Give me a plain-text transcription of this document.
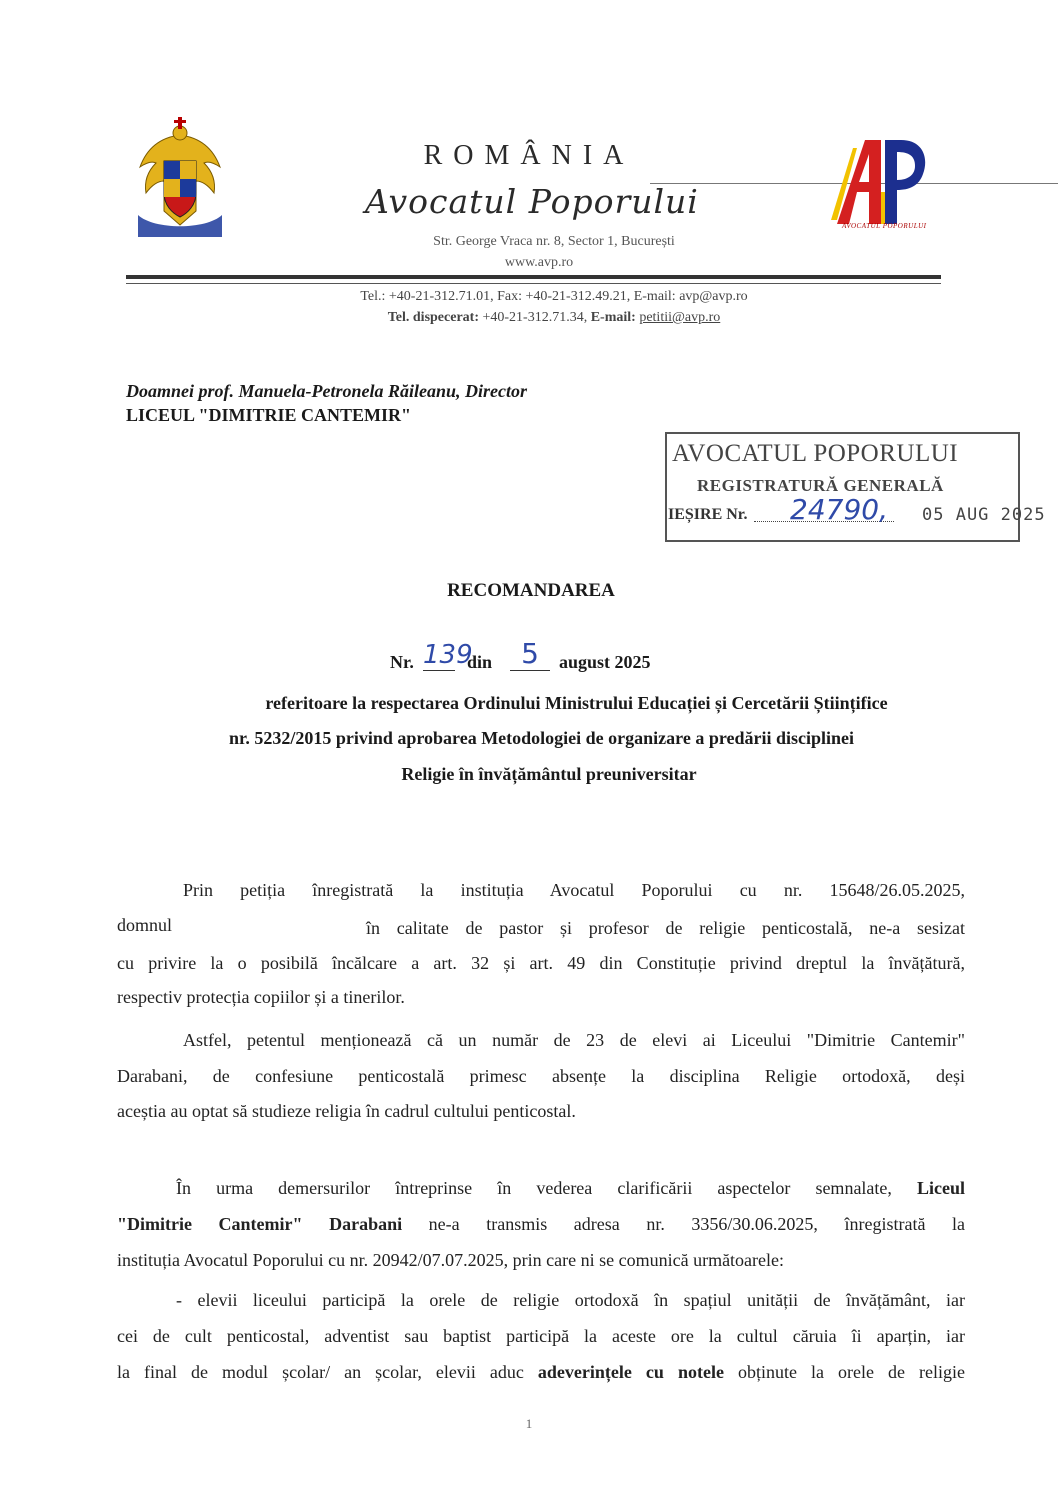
ROMÂNIA
Avocatul Poporului
Str. George Vraca nr. 8, Sector 1, București
www.avp.ro
Tel.: +40-21-312.71.01, Fax: +40-21-312.49.21, E-mail: avp@avp.ro
Tel. dispecerat: +40-21-312.71.34, E-mail: petitii@avp.ro
AVOCATUL POPORULUI
Doamnei prof. Manuela-Petronela Răileanu, Director
LICEUL "DIMITRIE CANTEMIR"
AVOCATUL POPORULUI
REGISTRATURĂ GENERALĂ
IEȘIRE Nr. 24790, 05 AUG 2025
RECOMANDAREA
Nr. 139
din	5	august 2025
referitoare la respectarea Ordinului Ministrului Educației și Cercetării Științifice
nr. 5232/2015 privind aprobarea Metodologiei de organizare a predării disciplinei
Religie în învățământul preuniversitar
Prin petiția înregistrată la instituția Avocatul Poporului cu nr. 15648/26.05.2025,
domnul	în calitate de pastor și profesor de religie penticostală, ne-a sesizat
cu privire la o posibilă încălcare a art. 32 și art. 49 din Constituție privind dreptul la învățătură,
respectiv protecția copiilor și a tinerilor.
Astfel, petentul menționează că un număr de 23 de elevi ai Liceului "Dimitrie Cantemir"
Darabani, de confesiune penticostală primesc absențe la disciplina Religie ortodoxă, deși
aceștia au optat să studieze religia în cadrul cultului penticostal.
În urma demersurilor întreprinse în vederea clarificării aspectelor semnalate, Liceul
"Dimitrie Cantemir" Darabani ne-a transmis adresa nr. 3356/30.06.2025, înregistrată la
instituția Avocatul Poporului cu nr. 20942/07.07.2025, prin care ni se comunică următoarele:
- elevii liceului participă la orele de religie ortodoxă în spațiul unității de învățământ, iar
cei de cult penticostal, adventist sau baptist participă la aceste ore la cultul căruia îi aparțin, iar
la final de modul școlar/ an școlar, elevii aduc adeverințele cu notele obținute la orele de religie
1
